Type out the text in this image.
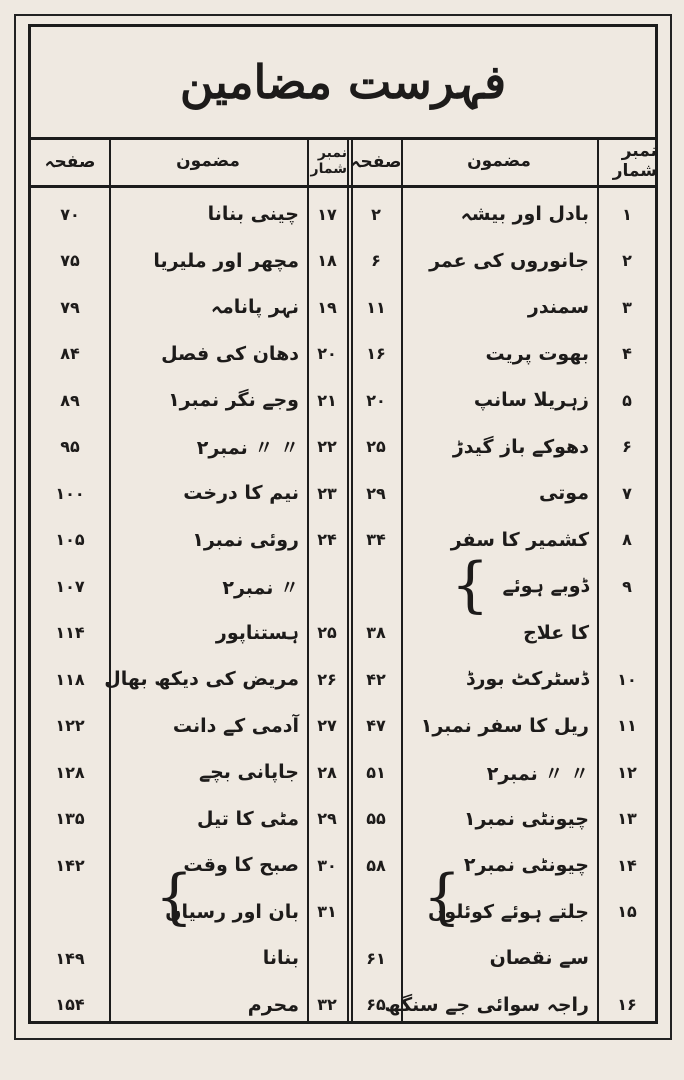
فہرست مضامین
نمبر شمار
مضمون
صفحہ
نمبر شمار
مضمون
صفحہ
۱
بادل اور بیشہ
۲
۱۷
چینی بنانا
۷۰
۲
جانوروں کی عمر
۶
۱۸
مچھر اور ملیریا
۷۵
۳
سمندر
۱۱
۱۹
نہر پانامہ
۷۹
۴
بھوت پریت
۱۶
۲۰
دھان کی فصل
۸۴
۵
زہریلا سانپ
۲۰
۲۱
وجے نگر نمبر۱
۸۹
۶
دھوکے باز گیدڑ
۲۵
۲۲
〃 〃 نمبر۲
۹۵
۷
موتی
۲۹
۲۳
نیم کا درخت
۱۰۰
۸
کشمیر کا سفر
۳۴
۲۴
روئی نمبر۱
۱۰۵
۹
ڈوبے ہوئے
〃 نمبر۲
۱۰۷
کا علاج
۳۸
۲۵
ہستناپور
۱۱۴
۱۰
ڈسٹرکٹ بورڈ
۴۲
۲۶
مریض کی دیکھ بھال
۱۱۸
۱۱
ریل کا سفر نمبر۱
۴۷
۲۷
آدمی کے دانت
۱۲۲
۱۲
〃 〃 نمبر۲
۵۱
۲۸
جاپانی بچے
۱۲۸
۱۳
چیونٹی نمبر۱
۵۵
۲۹
مٹی کا تیل
۱۳۵
۱۴
چیونٹی نمبر۲
۵۸
۳۰
صبح کا وقت
۱۴۲
۱۵
جلتے ہوئے کوئلوں
۳۱
بان اور رسیاں
سے نقصان
۶۱
بنانا
۱۴۹
۱۶
راجہ سوائی جے سنگھ
۶۵
۳۲
محرم
۱۵۴
{
{
{
